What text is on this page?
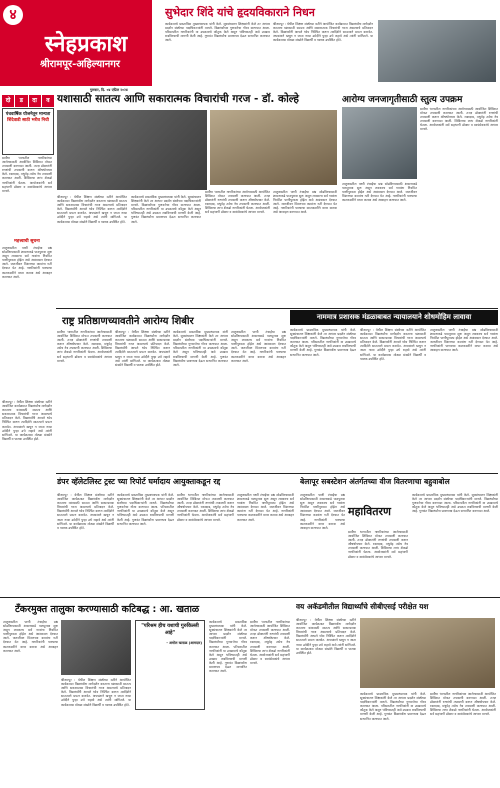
४
स्नेहप्रकाश
श्रीरामपूर-अहिल्यानगर
गुरुवार, दि. ०४ एप्रिल २०२४
दो	ड	दा	व
सुभेदार शिंदे यांचे हृदयविकाराने निधन
कार्यक्रमाचे प्रास्ताविक मुख्याध्यापक यांनी केले. सूत्रसंचालन शिक्षकांनी केले तर आभार प्रदर्शन संस्थेच्या पदाधिकाऱ्यांनी मानले. विद्यार्थ्यांच्या गुणवत्तेचा गौरव करण्यात आला. परिसरातील नागरिकांनी या उपक्रमाचे कौतुक केले असून भविष्यातही असे उपक्रम राबविण्याची मागणी केली आहे. गुणवंत विद्यार्थ्यांना प्रमाणपत्र देऊन सन्मानित करण्यात आले.
श्रीरामपूर : येथील शिक्षण संस्थेच्या वतीने आयोजित कार्यक्रमात विद्यार्थ्यांना मार्गदर्शन करताना यशासाठी सातत्य आणि सकारात्मक विचारांची गरज असल्याचे प्रतिपादन केले. विद्यार्थ्यांनी आपले ध्येय निश्चित करून त्यादिशेने सातत्याने प्रयत्न करावेत. अपयशाने खचून न जाता नव्या उमेदीने पुन्हा उभे राहावे असे त्यांनी सांगितले. या कार्यक्रमास मोठ्या संख्येने विद्यार्थी व पालक उपस्थित होते.
पंचवार्षिक योजनेतून मान्यता
शिंदेवाडी साठी भरीव निधी
ग्रामीण भागातील नागरिकांच्या आरोग्यासाठी आयोजित शिबिरात मोफत तपासणी करण्यात आली. तज्ज्ञ डॉक्टरांनी रुग्णांची तपासणी करून औषधोपचार केले. रक्तदाब, मधुमेह तसेच नेत्र तपासणी करण्यात आली. शिबिराचा लाभ शेकडो नागरिकांनी घेतला. आयोजकांनी सर्व सहभागी डॉक्टर व स्वयंसेवकांचे आभार मानले.
महत्त्वाची सूचना
तालुक्यातील पाणी टंचाईचा प्रश्न सोडविण्यासाठी शासनाकडे पाठपुरावा सुरू असून लवकरच सर्व गावांना नियमित पाणीपुरवठा होईल असे आश्वासन देण्यात आले. जलजीवन मिशनच्या कामांना गती देण्यात येत आहे. नागरिकांनी पाण्याचा काटकसरीने वापर करावा असे आवाहन करण्यात आले.
श्रीरामपूर : येथील शिक्षण संस्थेच्या वतीने आयोजित कार्यक्रमात विद्यार्थ्यांना मार्गदर्शन करताना यशासाठी सातत्य आणि सकारात्मक विचारांची गरज असल्याचे प्रतिपादन केले. विद्यार्थ्यांनी आपले ध्येय निश्चित करून त्यादिशेने सातत्याने प्रयत्न करावेत. अपयशाने खचून न जाता नव्या उमेदीने पुन्हा उभे राहावे असे त्यांनी सांगितले. या कार्यक्रमास मोठ्या संख्येने विद्यार्थी व पालक उपस्थित होते.
यशासाठी सातत्य आणि सकारात्मक विचारांची गरज - डॉ. कोल्हे
श्रीरामपूर : येथील शिक्षण संस्थेच्या वतीने आयोजित कार्यक्रमात विद्यार्थ्यांना मार्गदर्शन करताना यशासाठी सातत्य आणि सकारात्मक विचारांची गरज असल्याचे प्रतिपादन केले. विद्यार्थ्यांनी आपले ध्येय निश्चित करून त्यादिशेने सातत्याने प्रयत्न करावेत. अपयशाने खचून न जाता नव्या उमेदीने पुन्हा उभे राहावे असे त्यांनी सांगितले. या कार्यक्रमास मोठ्या संख्येने विद्यार्थी व पालक उपस्थित होते.
कार्यक्रमाचे प्रास्ताविक मुख्याध्यापक यांनी केले. सूत्रसंचालन शिक्षकांनी केले तर आभार प्रदर्शन संस्थेच्या पदाधिकाऱ्यांनी मानले. विद्यार्थ्यांच्या गुणवत्तेचा गौरव करण्यात आला. परिसरातील नागरिकांनी या उपक्रमाचे कौतुक केले असून भविष्यातही असे उपक्रम राबविण्याची मागणी केली आहे. गुणवंत विद्यार्थ्यांना प्रमाणपत्र देऊन सन्मानित करण्यात आले.
ग्रामीण भागातील नागरिकांच्या आरोग्यासाठी आयोजित शिबिरात मोफत तपासणी करण्यात आली. तज्ज्ञ डॉक्टरांनी रुग्णांची तपासणी करून औषधोपचार केले. रक्तदाब, मधुमेह तसेच नेत्र तपासणी करण्यात आली. शिबिराचा लाभ शेकडो नागरिकांनी घेतला. आयोजकांनी सर्व सहभागी डॉक्टर व स्वयंसेवकांचे आभार मानले.
तालुक्यातील पाणी टंचाईचा प्रश्न सोडविण्यासाठी शासनाकडे पाठपुरावा सुरू असून लवकरच सर्व गावांना नियमित पाणीपुरवठा होईल असे आश्वासन देण्यात आले. जलजीवन मिशनच्या कामांना गती देण्यात येत आहे. नागरिकांनी पाण्याचा काटकसरीने वापर करावा असे आवाहन करण्यात आले.
आरोग्य जनजागृतीसाठी स्तुत्य उपक्रम
ग्रामीण भागातील नागरिकांच्या आरोग्यासाठी आयोजित शिबिरात मोफत तपासणी करण्यात आली. तज्ज्ञ डॉक्टरांनी रुग्णांची तपासणी करून औषधोपचार केले. रक्तदाब, मधुमेह तसेच नेत्र तपासणी करण्यात आली. शिबिराचा लाभ शेकडो नागरिकांनी घेतला. आयोजकांनी सर्व सहभागी डॉक्टर व स्वयंसेवकांचे आभार मानले.
तालुक्यातील पाणी टंचाईचा प्रश्न सोडविण्यासाठी शासनाकडे पाठपुरावा सुरू असून लवकरच सर्व गावांना नियमित पाणीपुरवठा होईल असे आश्वासन देण्यात आले. जलजीवन मिशनच्या कामांना गती देण्यात येत आहे. नागरिकांनी पाण्याचा काटकसरीने वापर करावा असे आवाहन करण्यात आले.
राष्ट्र प्रतिष्ठाणच्यावतीने आरोग्य शिबीर
ग्रामीण भागातील नागरिकांच्या आरोग्यासाठी आयोजित शिबिरात मोफत तपासणी करण्यात आली. तज्ज्ञ डॉक्टरांनी रुग्णांची तपासणी करून औषधोपचार केले. रक्तदाब, मधुमेह तसेच नेत्र तपासणी करण्यात आली. शिबिराचा लाभ शेकडो नागरिकांनी घेतला. आयोजकांनी सर्व सहभागी डॉक्टर व स्वयंसेवकांचे आभार मानले.
श्रीरामपूर : येथील शिक्षण संस्थेच्या वतीने आयोजित कार्यक्रमात विद्यार्थ्यांना मार्गदर्शन करताना यशासाठी सातत्य आणि सकारात्मक विचारांची गरज असल्याचे प्रतिपादन केले. विद्यार्थ्यांनी आपले ध्येय निश्चित करून त्यादिशेने सातत्याने प्रयत्न करावेत. अपयशाने खचून न जाता नव्या उमेदीने पुन्हा उभे राहावे असे त्यांनी सांगितले. या कार्यक्रमास मोठ्या संख्येने विद्यार्थी व पालक उपस्थित होते.
कार्यक्रमाचे प्रास्ताविक मुख्याध्यापक यांनी केले. सूत्रसंचालन शिक्षकांनी केले तर आभार प्रदर्शन संस्थेच्या पदाधिकाऱ्यांनी मानले. विद्यार्थ्यांच्या गुणवत्तेचा गौरव करण्यात आला. परिसरातील नागरिकांनी या उपक्रमाचे कौतुक केले असून भविष्यातही असे उपक्रम राबविण्याची मागणी केली आहे. गुणवंत विद्यार्थ्यांना प्रमाणपत्र देऊन सन्मानित करण्यात आले.
तालुक्यातील पाणी टंचाईचा प्रश्न सोडविण्यासाठी शासनाकडे पाठपुरावा सुरू असून लवकरच सर्व गावांना नियमित पाणीपुरवठा होईल असे आश्वासन देण्यात आले. जलजीवन मिशनच्या कामांना गती देण्यात येत आहे. नागरिकांनी पाण्याचा काटकसरीने वापर करावा असे आवाहन करण्यात आले.
नाममात्र प्रशासक मंडळाबाबत न्यायालयाने शोधमोहिम लावावा
कार्यक्रमाचे प्रास्ताविक मुख्याध्यापक यांनी केले. सूत्रसंचालन शिक्षकांनी केले तर आभार प्रदर्शन संस्थेच्या पदाधिकाऱ्यांनी मानले. विद्यार्थ्यांच्या गुणवत्तेचा गौरव करण्यात आला. परिसरातील नागरिकांनी या उपक्रमाचे कौतुक केले असून भविष्यातही असे उपक्रम राबविण्याची मागणी केली आहे. गुणवंत विद्यार्थ्यांना प्रमाणपत्र देऊन सन्मानित करण्यात आले.
श्रीरामपूर : येथील शिक्षण संस्थेच्या वतीने आयोजित कार्यक्रमात विद्यार्थ्यांना मार्गदर्शन करताना यशासाठी सातत्य आणि सकारात्मक विचारांची गरज असल्याचे प्रतिपादन केले. विद्यार्थ्यांनी आपले ध्येय निश्चित करून त्यादिशेने सातत्याने प्रयत्न करावेत. अपयशाने खचून न जाता नव्या उमेदीने पुन्हा उभे राहावे असे त्यांनी सांगितले. या कार्यक्रमास मोठ्या संख्येने विद्यार्थी व पालक उपस्थित होते.
तालुक्यातील पाणी टंचाईचा प्रश्न सोडविण्यासाठी शासनाकडे पाठपुरावा सुरू असून लवकरच सर्व गावांना नियमित पाणीपुरवठा होईल असे आश्वासन देण्यात आले. जलजीवन मिशनच्या कामांना गती देण्यात येत आहे. नागरिकांनी पाण्याचा काटकसरीने वापर करावा असे आवाहन करण्यात आले.
डंपर व्हॅलेटलिस्ट ट्रस्ट च्या रिपोर्ट घर्मादाय आयुक्ताकडून रद्द
श्रीरामपूर : येथील शिक्षण संस्थेच्या वतीने आयोजित कार्यक्रमात विद्यार्थ्यांना मार्गदर्शन करताना यशासाठी सातत्य आणि सकारात्मक विचारांची गरज असल्याचे प्रतिपादन केले. विद्यार्थ्यांनी आपले ध्येय निश्चित करून त्यादिशेने सातत्याने प्रयत्न करावेत. अपयशाने खचून न जाता नव्या उमेदीने पुन्हा उभे राहावे असे त्यांनी सांगितले. या कार्यक्रमास मोठ्या संख्येने विद्यार्थी व पालक उपस्थित होते.
कार्यक्रमाचे प्रास्ताविक मुख्याध्यापक यांनी केले. सूत्रसंचालन शिक्षकांनी केले तर आभार प्रदर्शन संस्थेच्या पदाधिकाऱ्यांनी मानले. विद्यार्थ्यांच्या गुणवत्तेचा गौरव करण्यात आला. परिसरातील नागरिकांनी या उपक्रमाचे कौतुक केले असून भविष्यातही असे उपक्रम राबविण्याची मागणी केली आहे. गुणवंत विद्यार्थ्यांना प्रमाणपत्र देऊन सन्मानित करण्यात आले.
ग्रामीण भागातील नागरिकांच्या आरोग्यासाठी आयोजित शिबिरात मोफत तपासणी करण्यात आली. तज्ज्ञ डॉक्टरांनी रुग्णांची तपासणी करून औषधोपचार केले. रक्तदाब, मधुमेह तसेच नेत्र तपासणी करण्यात आली. शिबिराचा लाभ शेकडो नागरिकांनी घेतला. आयोजकांनी सर्व सहभागी डॉक्टर व स्वयंसेवकांचे आभार मानले.
तालुक्यातील पाणी टंचाईचा प्रश्न सोडविण्यासाठी शासनाकडे पाठपुरावा सुरू असून लवकरच सर्व गावांना नियमित पाणीपुरवठा होईल असे आश्वासन देण्यात आले. जलजीवन मिशनच्या कामांना गती देण्यात येत आहे. नागरिकांनी पाण्याचा काटकसरीने वापर करावा असे आवाहन करण्यात आले.
बेलापूर सबस्टेशन अंतर्गतच्या वीज वितरणाचा बहुवाबोल
महावितरण
तालुक्यातील पाणी टंचाईचा प्रश्न सोडविण्यासाठी शासनाकडे पाठपुरावा सुरू असून लवकरच सर्व गावांना नियमित पाणीपुरवठा होईल असे आश्वासन देण्यात आले. जलजीवन मिशनच्या कामांना गती देण्यात येत आहे. नागरिकांनी पाण्याचा काटकसरीने वापर करावा असे आवाहन करण्यात आले.
ग्रामीण भागातील नागरिकांच्या आरोग्यासाठी आयोजित शिबिरात मोफत तपासणी करण्यात आली. तज्ज्ञ डॉक्टरांनी रुग्णांची तपासणी करून औषधोपचार केले. रक्तदाब, मधुमेह तसेच नेत्र तपासणी करण्यात आली. शिबिराचा लाभ शेकडो नागरिकांनी घेतला. आयोजकांनी सर्व सहभागी डॉक्टर व स्वयंसेवकांचे आभार मानले.
कार्यक्रमाचे प्रास्ताविक मुख्याध्यापक यांनी केले. सूत्रसंचालन शिक्षकांनी केले तर आभार प्रदर्शन संस्थेच्या पदाधिकाऱ्यांनी मानले. विद्यार्थ्यांच्या गुणवत्तेचा गौरव करण्यात आला. परिसरातील नागरिकांनी या उपक्रमाचे कौतुक केले असून भविष्यातही असे उपक्रम राबविण्याची मागणी केली आहे. गुणवंत विद्यार्थ्यांना प्रमाणपत्र देऊन सन्मानित करण्यात आले.
टँकरमुक्त तालुका करण्यासाठी कटिबद्ध : आ. खताळ
तालुक्यातील पाणी टंचाईचा प्रश्न सोडविण्यासाठी शासनाकडे पाठपुरावा सुरू असून लवकरच सर्व गावांना नियमित पाणीपुरवठा होईल असे आश्वासन देण्यात आले. जलजीवन मिशनच्या कामांना गती देण्यात येत आहे. नागरिकांनी पाण्याचा काटकसरीने वापर करावा असे आवाहन करण्यात आले.
श्रीरामपूर : येथील शिक्षण संस्थेच्या वतीने आयोजित कार्यक्रमात विद्यार्थ्यांना मार्गदर्शन करताना यशासाठी सातत्य आणि सकारात्मक विचारांची गरज असल्याचे प्रतिपादन केले. विद्यार्थ्यांनी आपले ध्येय निश्चित करून त्यादिशेने सातत्याने प्रयत्न करावेत. अपयशाने खचून न जाता नव्या उमेदीने पुन्हा उभे राहावे असे त्यांनी सांगितले. या कार्यक्रमास मोठ्या संख्येने विद्यार्थी व पालक उपस्थित होते.
"परिश्रम हीच यशाची गुरुकिल्ली आहे"
- अमोल खताळ (आमदार)
कार्यक्रमाचे प्रास्ताविक मुख्याध्यापक यांनी केले. सूत्रसंचालन शिक्षकांनी केले तर आभार प्रदर्शन संस्थेच्या पदाधिकाऱ्यांनी मानले. विद्यार्थ्यांच्या गुणवत्तेचा गौरव करण्यात आला. परिसरातील नागरिकांनी या उपक्रमाचे कौतुक केले असून भविष्यातही असे उपक्रम राबविण्याची मागणी केली आहे. गुणवंत विद्यार्थ्यांना प्रमाणपत्र देऊन सन्मानित करण्यात आले.
ग्रामीण भागातील नागरिकांच्या आरोग्यासाठी आयोजित शिबिरात मोफत तपासणी करण्यात आली. तज्ज्ञ डॉक्टरांनी रुग्णांची तपासणी करून औषधोपचार केले. रक्तदाब, मधुमेह तसेच नेत्र तपासणी करण्यात आली. शिबिराचा लाभ शेकडो नागरिकांनी घेतला. आयोजकांनी सर्व सहभागी डॉक्टर व स्वयंसेवकांचे आभार मानले.
वय अकॅडमीतील विद्यार्थ्यांचे सीबीएसई परीक्षेत यश
श्रीरामपूर : येथील शिक्षण संस्थेच्या वतीने आयोजित कार्यक्रमात विद्यार्थ्यांना मार्गदर्शन करताना यशासाठी सातत्य आणि सकारात्मक विचारांची गरज असल्याचे प्रतिपादन केले. विद्यार्थ्यांनी आपले ध्येय निश्चित करून त्यादिशेने सातत्याने प्रयत्न करावेत. अपयशाने खचून न जाता नव्या उमेदीने पुन्हा उभे राहावे असे त्यांनी सांगितले. या कार्यक्रमास मोठ्या संख्येने विद्यार्थी व पालक उपस्थित होते.
कार्यक्रमाचे प्रास्ताविक मुख्याध्यापक यांनी केले. सूत्रसंचालन शिक्षकांनी केले तर आभार प्रदर्शन संस्थेच्या पदाधिकाऱ्यांनी मानले. विद्यार्थ्यांच्या गुणवत्तेचा गौरव करण्यात आला. परिसरातील नागरिकांनी या उपक्रमाचे कौतुक केले असून भविष्यातही असे उपक्रम राबविण्याची मागणी केली आहे. गुणवंत विद्यार्थ्यांना प्रमाणपत्र देऊन सन्मानित करण्यात आले.
ग्रामीण भागातील नागरिकांच्या आरोग्यासाठी आयोजित शिबिरात मोफत तपासणी करण्यात आली. तज्ज्ञ डॉक्टरांनी रुग्णांची तपासणी करून औषधोपचार केले. रक्तदाब, मधुमेह तसेच नेत्र तपासणी करण्यात आली. शिबिराचा लाभ शेकडो नागरिकांनी घेतला. आयोजकांनी सर्व सहभागी डॉक्टर व स्वयंसेवकांचे आभार मानले.
